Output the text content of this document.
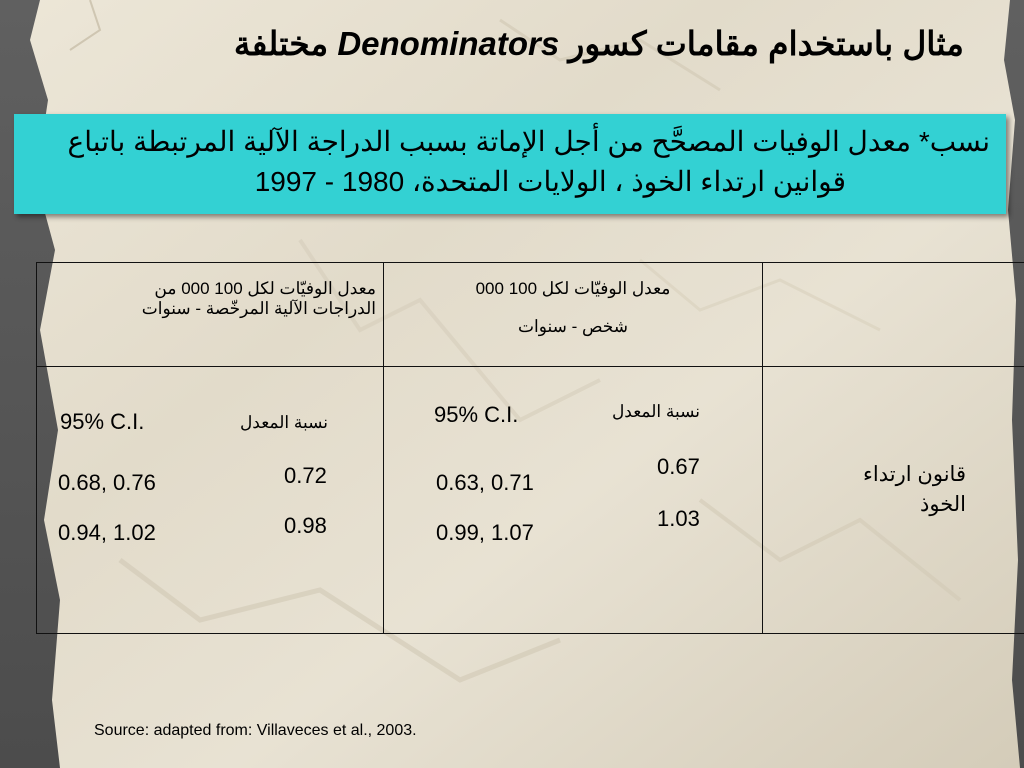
مثال باستخدام مقامات كسور Denominators مختلفة
نسب* معدل الوفيات المصحَّح من أجل الإماتة بسبب الدراجة الآلية المرتبطة باتباع
قوانين ارتداء الخوذ ، الولايات المتحدة، 1980 - 1997
معدل الوفيّات لكل 100 000 من
الدراجات الآلية المرخّصة - سنوات
معدل الوفيّات لكل 100 000
شخص - سنوات
نسبة المعدل
95% C.I.
0.72
0.98
0.68, 0.76
0.94, 1.02
نسبة المعدل
95% C.I.
0.67
1.03
0.63, 0.71
0.99, 1.07
قانون ارتداء
الخوذ
Source: adapted from: Villaveces et al., 2003.
